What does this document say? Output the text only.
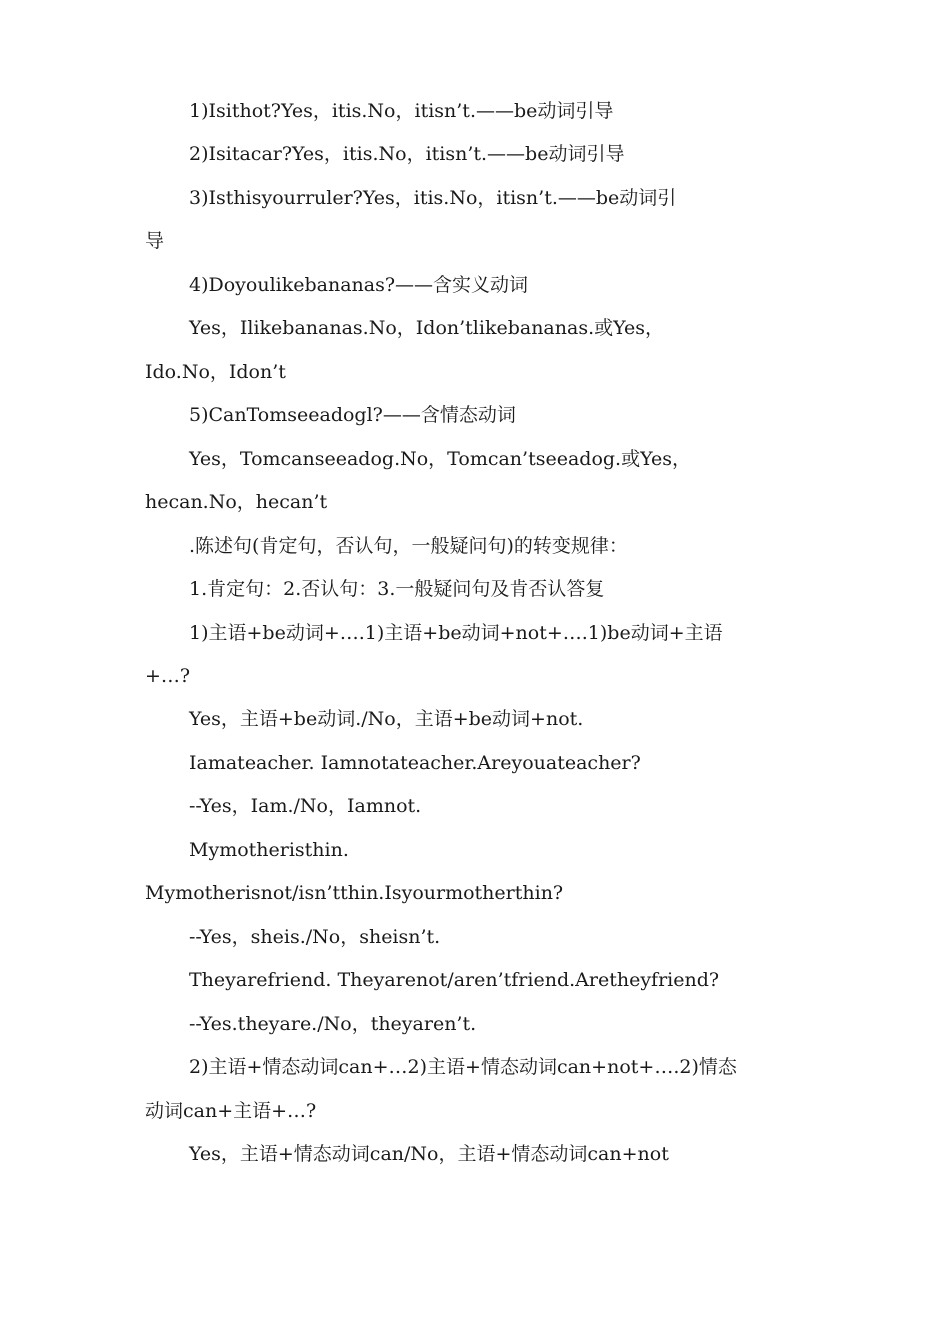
1)Isithot?Yes，itis.No，itisn’t.——be动词引导
2)Isitacar?Yes，itis.No，itisn’t.——be动词引导
3)Isthisyourruler?Yes，itis.No，itisn’t.——be动词引
导
4)Doyoulikebananas?——含实义动词
Yes，Ilikebananas.No，Idon’tlikebananas.或Yes，
Ido.No，Idon’t
5)CanTomseeadogl?——含情态动词
Yes，Tomcanseeadog.No，Tomcan’tseeadog.或Yes，
hecan.No，hecan’t
.陈述句(肯定句，否认句，一般疑问句)的转变规律：
1.肯定句：2.否认句：3.一般疑问句及肯否认答复
1)主语+be动词+….1)主语+be动词+not+….1)be动词+主语
+…?
Yes，主语+be动词./No，主语+be动词+not.
Iamateacher. Iamnotateacher.Areyouateacher?
--Yes，Iam./No，Iamnot.
Mymotheristhin.
Mymotherisnot/isn’tthin.Isyourmotherthin?
--Yes，sheis./No，sheisn’t.
Theyarefriend. Theyarenot/aren’tfriend.Aretheyfriend?
--Yes.theyare./No，theyaren’t.
2)主语+情态动词can+…2)主语+情态动词can+not+….2)情态
动词can+主语+…?
Yes，主语+情态动词can/No，主语+情态动词can+not
